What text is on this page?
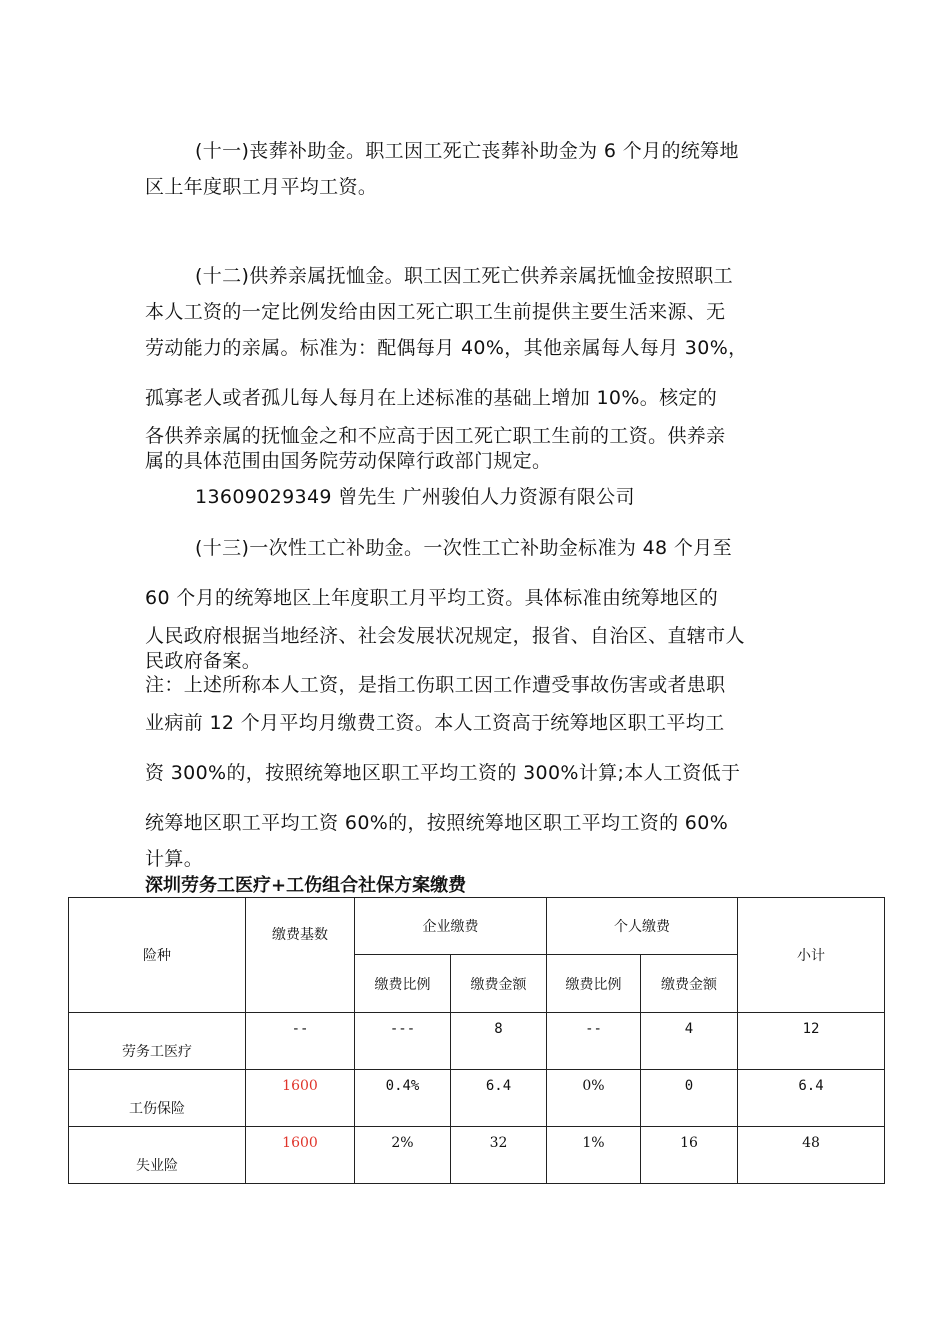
(十一)丧葬补助金。职工因工死亡丧葬补助金为 6 个月的统筹地
区上年度职工月平均工资。
(十二)供养亲属抚恤金。职工因工死亡供养亲属抚恤金按照职工
本人工资的一定比例发给由因工死亡职工生前提供主要生活来源、无
劳动能力的亲属。标准为：配偶每月 40%，其他亲属每人每月 30%，
孤寡老人或者孤儿每人每月在上述标准的基础上增加 10%。核定的
各供养亲属的抚恤金之和不应高于因工死亡职工生前的工资。供养亲
属的具体范围由国务院劳动保障行政部门规定。
13609029349 曾先生 广州骏伯人力资源有限公司
(十三)一次性工亡补助金。一次性工亡补助金标准为 48 个月至
60 个月的统筹地区上年度职工月平均工资。具体标准由统筹地区的
人民政府根据当地经济、社会发展状况规定，报省、自治区、直辖市人
民政府备案。
注：上述所称本人工资，是指工伤职工因工作遭受事故伤害或者患职
业病前 12 个月平均月缴费工资。本人工资高于统筹地区职工平均工
资 300%的，按照统筹地区职工平均工资的 300%计算;本人工资低于
统筹地区职工平均工资 60%的，按照统筹地区职工平均工资的 60%
计算。
深圳劳务工医疗+工伤组合社保方案缴费
险种	缴费基数	企业缴费		个人缴费		小计
		缴费比例	缴费金额	缴费比例	缴费金额	

劳务工医疗	--	---	8	--	4	12

工伤保险	1600	0.4%	6.4	0%	0	6.4

失业险	1600	2%	32	1%	16	48
